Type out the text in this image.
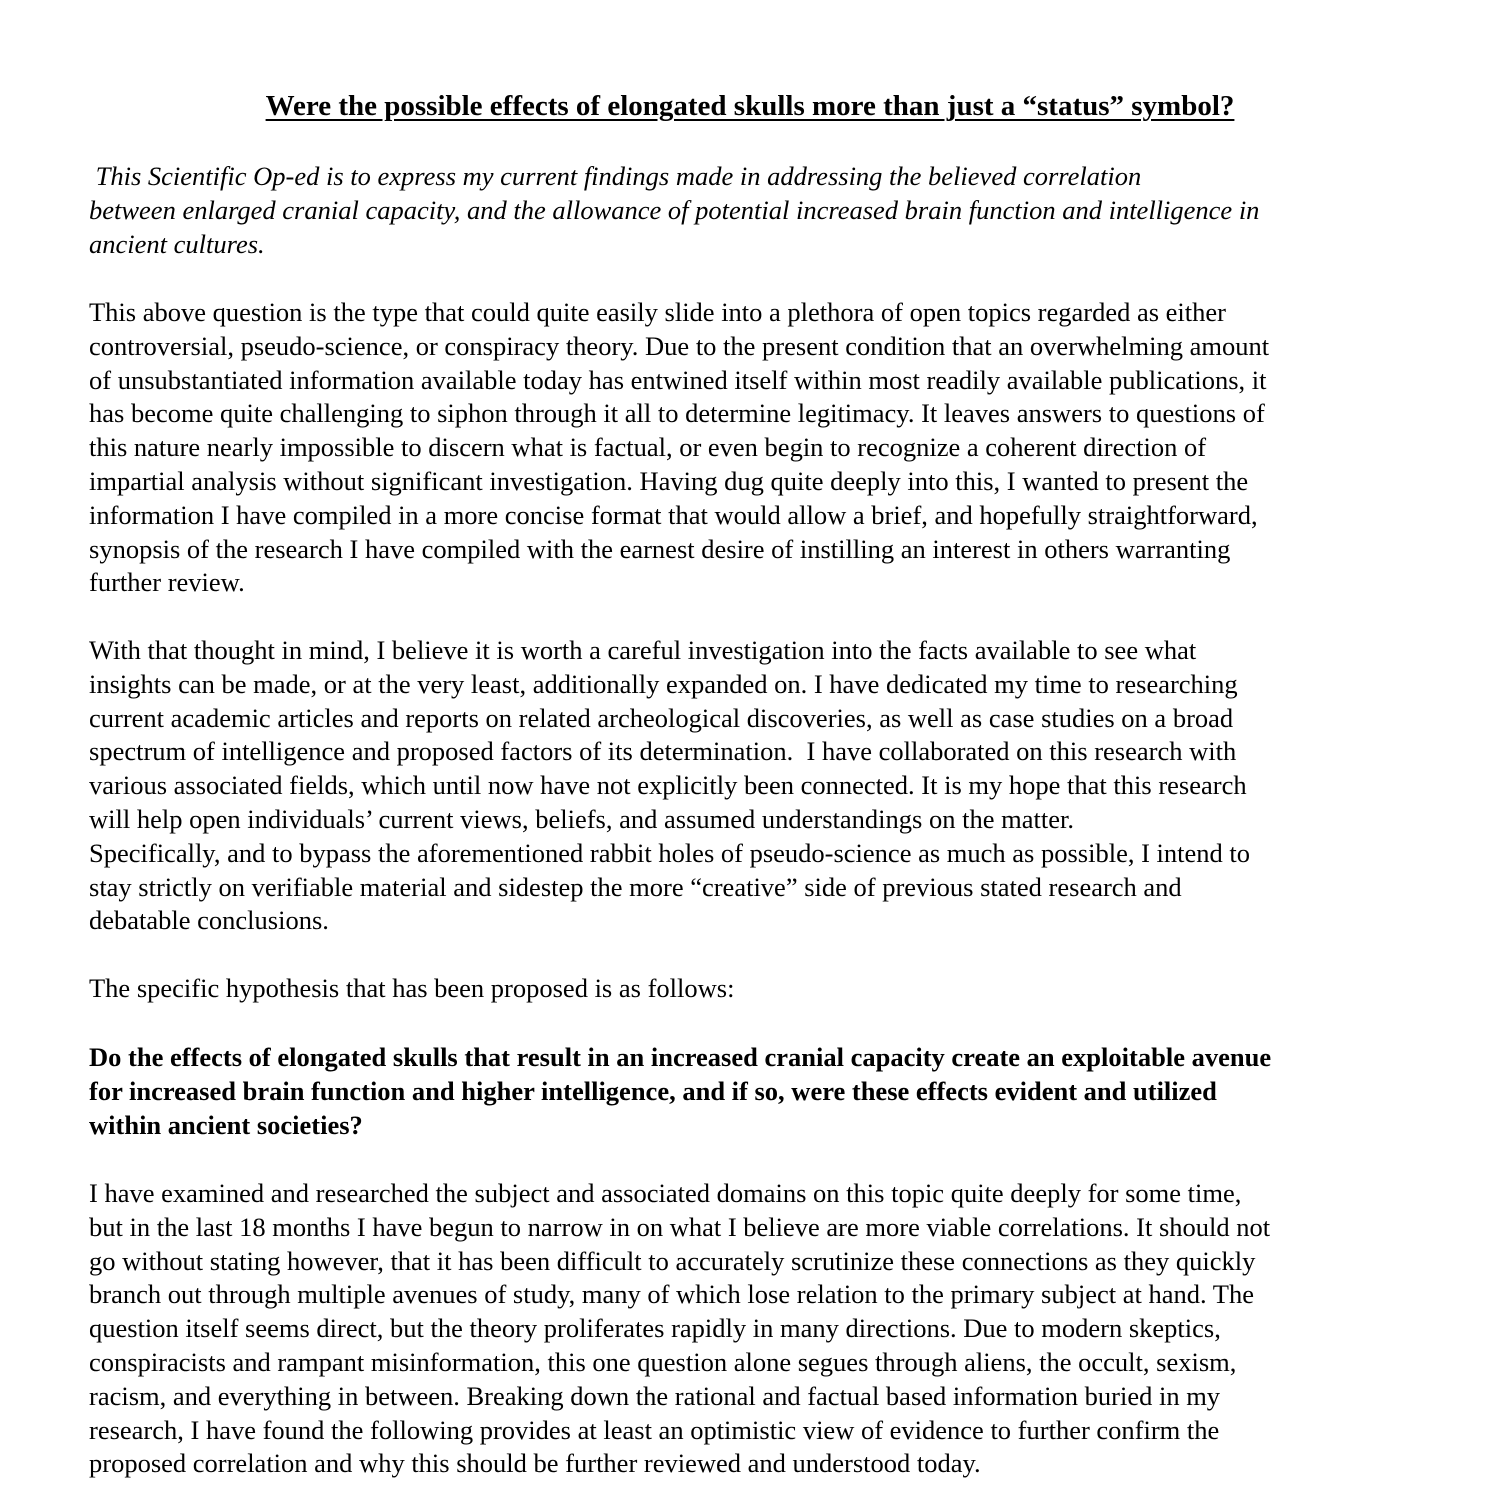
Were the possible effects of elongated skulls more than just a “status” symbol?
This Scientific Op-ed is to express my current findings made in addressing the believed correlation
between enlarged cranial capacity, and the allowance of potential increased brain function and intelligence in
ancient cultures.
This above question is the type that could quite easily slide into a plethora of open topics regarded as either
controversial, pseudo-science, or conspiracy theory. Due to the present condition that an overwhelming amount
of unsubstantiated information available today has entwined itself within most readily available publications, it
has become quite challenging to siphon through it all to determine legitimacy. It leaves answers to questions of
this nature nearly impossible to discern what is factual, or even begin to recognize a coherent direction of
impartial analysis without significant investigation. Having dug quite deeply into this, I wanted to present the
information I have compiled in a more concise format that would allow a brief, and hopefully straightforward,
synopsis of the research I have compiled with the earnest desire of instilling an interest in others warranting
further review.
With that thought in mind, I believe it is worth a careful investigation into the facts available to see what
insights can be made, or at the very least, additionally expanded on. I have dedicated my time to researching
current academic articles and reports on related archeological discoveries, as well as case studies on a broad
spectrum of intelligence and proposed factors of its determination.  I have collaborated on this research with
various associated fields, which until now have not explicitly been connected. It is my hope that this research
will help open individuals’ current views, beliefs, and assumed understandings on the matter.
Specifically, and to bypass the aforementioned rabbit holes of pseudo-science as much as possible, I intend to
stay strictly on verifiable material and sidestep the more “creative” side of previous stated research and
debatable conclusions.
The specific hypothesis that has been proposed is as follows:
Do the effects of elongated skulls that result in an increased cranial capacity create an exploitable avenue
for increased brain function and higher intelligence, and if so, were these effects evident and utilized
within ancient societies?
I have examined and researched the subject and associated domains on this topic quite deeply for some time,
but in the last 18 months I have begun to narrow in on what I believe are more viable correlations. It should not
go without stating however, that it has been difficult to accurately scrutinize these connections as they quickly
branch out through multiple avenues of study, many of which lose relation to the primary subject at hand. The
question itself seems direct, but the theory proliferates rapidly in many directions. Due to modern skeptics,
conspiracists and rampant misinformation, this one question alone segues through aliens, the occult, sexism,
racism, and everything in between. Breaking down the rational and factual based information buried in my
research, I have found the following provides at least an optimistic view of evidence to further confirm the
proposed correlation and why this should be further reviewed and understood today.
